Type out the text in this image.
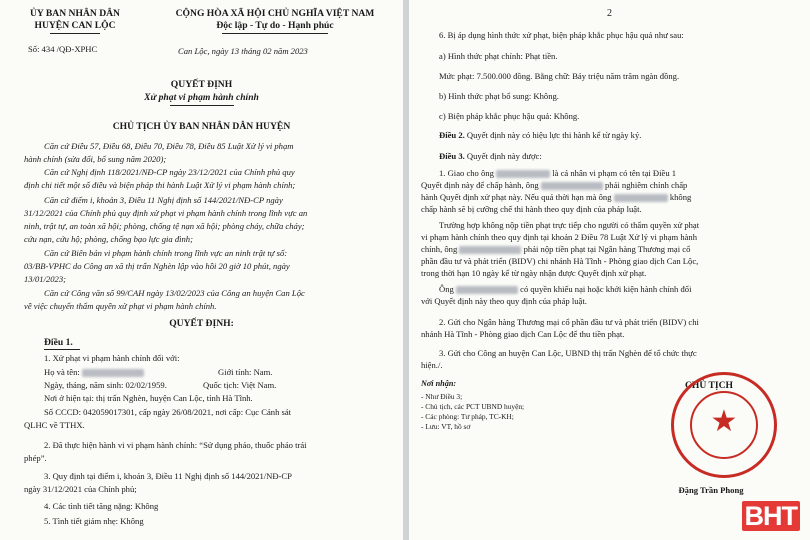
ỦY BAN NHÂN DÂN
HUYỆN CAN LỘC
Số: 434 /QĐ-XPHC
CỘNG HÒA XÃ HỘI CHỦ NGHĨA VIỆT NAM
Độc lập - Tự do - Hạnh phúc
Can Lộc, ngày 13 tháng 02 năm 2023
QUYẾT ĐỊNH
Xử phạt vi phạm hành chính
CHỦ TỊCH ỦY BAN NHÂN DÂN HUYỆN
Căn cứ Điều 57, Điều 68, Điều 70, Điều 78, Điều 85 Luật Xử lý vi phạm
hành chính (sửa đổi, bổ sung năm 2020);
Căn cứ Nghị định 118/2021/NĐ-CP ngày 23/12/2021 của Chính phủ quy
định chi tiết một số điều và biện pháp thi hành Luật Xử lý vi phạm hành chính;
Căn cứ điểm i, khoản 3, Điều 11 Nghị định số 144/2021/NĐ-CP ngày
31/12/2021 của Chính phủ quy định xử phạt vi phạm hành chính trong lĩnh vực an
ninh, trật tự, an toàn xã hội; phòng, chống tệ nạn xã hội; phòng cháy, chữa cháy;
cứu nạn, cứu hộ; phòng, chống bạo lực gia đình;
Căn cứ Biên bản vi phạm hành chính trong lĩnh vực an ninh trật tự số:
03/BB-VPHC do Công an xã thị trấn Nghèn lập vào hồi 20 giờ 10 phút, ngày
13/01/2023;
Căn cứ Công văn số 99/CAH ngày 13/02/2023 của Công an huyện Can Lộc
về việc chuyển thẩm quyền xử phạt vi phạm hành chính.
QUYẾT ĐỊNH:
Điều 1.
1. Xử phạt vi phạm hành chính đối với:
Họ và tên:	Giới tính: Nam.
Ngày, tháng, năm sinh: 02/02/1959.	Quốc tịch: Việt Nam.
Nơi ở hiện tại: thị trấn Nghèn, huyện Can Lộc, tỉnh Hà Tĩnh.
Số CCCD: 042059017301, cấp ngày 26/08/2021, nơi cấp: Cục Cảnh sát
QLHC về TTHX.
2. Đã thực hiện hành vi vi phạm hành chính: “Sử dụng pháo, thuốc pháo trái
phép”.
3. Quy định tại điểm i, khoản 3, Điều 11 Nghị định số 144/2021/NĐ-CP
ngày 31/12/2021 của Chính phủ;
4. Các tình tiết tăng nặng: Không
5. Tình tiết giảm nhẹ: Không
2
6. Bị áp dụng hình thức xử phạt, biện pháp khắc phục hậu quả như sau:
a) Hình thức phạt chính: Phạt tiền.
Mức phạt: 7.500.000 đồng. Bằng chữ: Bảy triệu năm trăm ngàn đồng.
b) Hình thức phạt bổ sung: Không.
c) Biện pháp khắc phục hậu quả: Không.
Điều 2. Quyết định này có hiệu lực thi hành kể từ ngày ký.
Điều 3. Quyết định này được:
1. Giao cho ông	là cá nhân vi phạm có tên tại Điều 1
Quyết định này để chấp hành, ông	phải nghiêm chỉnh chấp
hành Quyết định xử phạt này. Nếu quá thời hạn mà ông	không
chấp hành sẽ bị cưỡng chế thi hành theo quy định của pháp luật.
Trường hợp không nộp tiền phạt trực tiếp cho người có thẩm quyền xử phạt
vi phạm hành chính theo quy định tại khoản 2 Điều 78 Luật Xử lý vi phạm hành
chính, ông	phải nộp tiền phạt tại Ngân hàng Thương mại cổ
phần đầu tư và phát triển (BIDV) chi nhánh Hà Tĩnh - Phòng giao dịch Can Lộc,
trong thời hạn 10 ngày kể từ ngày nhận được Quyết định xử phạt.
Ông	có quyền khiếu nại hoặc khởi kiện hành chính đối
với Quyết định này theo quy định của pháp luật.
2. Gửi cho Ngân hàng Thương mại cổ phần đầu tư và phát triển (BIDV) chi
nhánh Hà Tĩnh - Phòng giao dịch Can Lộc để thu tiền phạt.
3. Gửi cho Công an huyện Can Lộc, UBND thị trấn Nghèn để tổ chức thực
hiện./.
Nơi nhận:
- Như Điều 3;
- Chủ tịch, các PCT UBND huyện;
- Các phòng: Tư pháp, TC-KH;
- Lưu: VT, hồ sơ
CHỦ TỊCH
★
Đặng Trần Phong
BHT
